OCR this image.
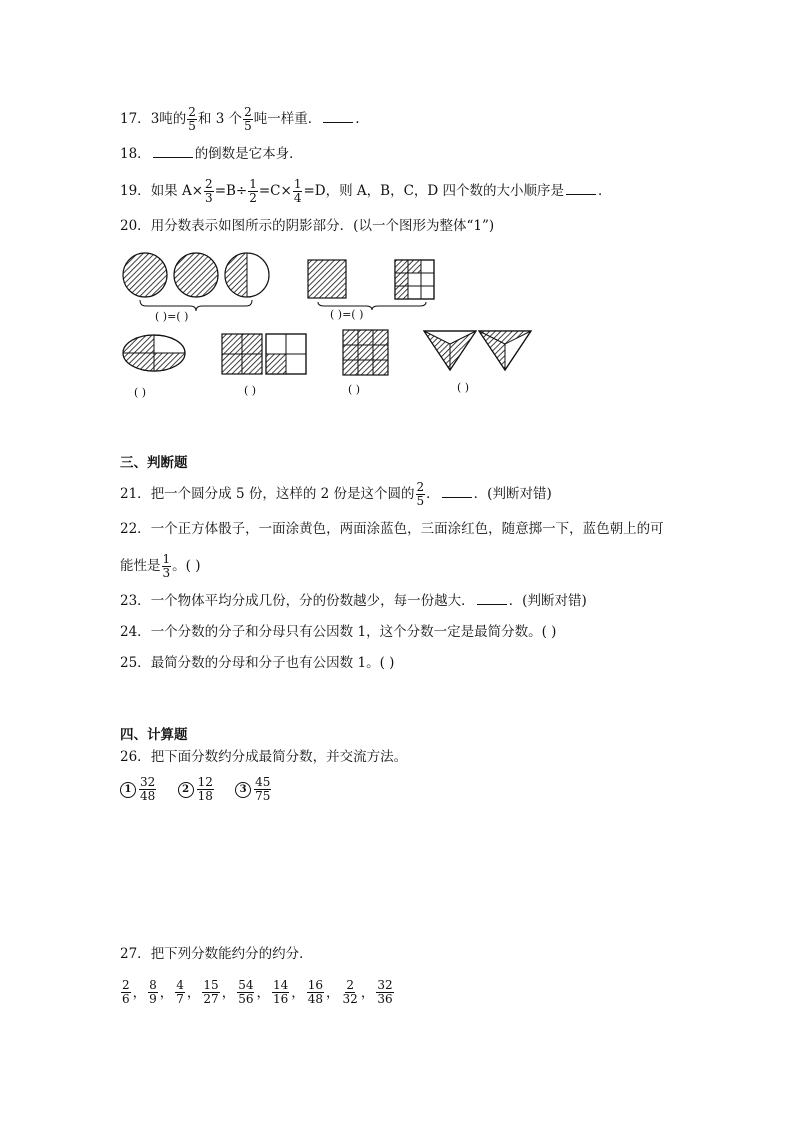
17．3吨的 $\frac{2}{5}$ 和 3 个 $\frac{2}{5}$ 吨一样重．	.
18．	的倒数是它本身．
19．如果 $A\times \frac{2}{3} =B\div \frac{1}{2} =C\times \frac{1}{4} =D$，则 A，B，C，D 四个数的大小顺序是	．
20．用分数表示如图所示的阴影部分．(以一个图形为整体“1”)
( )=( )	( )=( )
( )	( )	( )	( )
三、判断题
21．把一个圆分成 5 份，这样的 2 份是这个圆的 $\frac{2}{5}$ ．	．(判断对错)
22．一个正方体骰子，一面涂黄色，两面涂蓝色，三面涂红色，随意掷一下，蓝色朝上的可
能性是 $\frac{1}{3}$ 。( )
23．一个物体平均分成几份，分的份数越少，每一份越大．	．(判断对错)
24．一个分数的分子和分母只有公因数 1，这个分数一定是最简分数。( )
25．最简分数的分母和分子也有公因数 1。( )
四、计算题
26．把下面分数约分成最简分数，并交流方法。
$1 \frac{32}{48}$
	$2 \frac{12}{18}$
	$3 \frac{45}{75}$
27．把下列分数能约分的约分．
$\frac{2}{6}$ ， $\frac{8}{9}$ ， $\frac{4}{7}$ ， $\frac{15}{27}$ ， $\frac{54}{56}$ ， $\frac{14}{16}$ ， $\frac{16}{48}$ ， $\frac{2}{32}$ ， $\frac{32}{36}$
